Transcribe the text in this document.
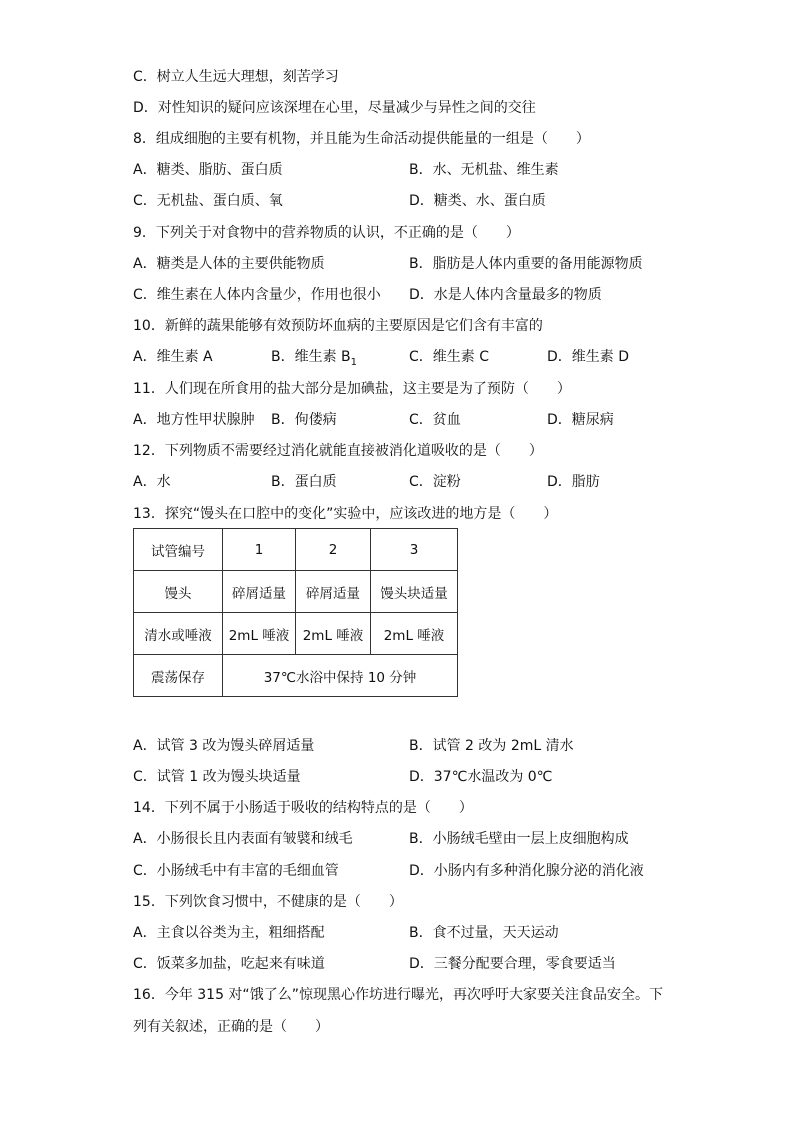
C．树立人生远大理想，刻苦学习
D．对性知识的疑问应该深埋在心里，尽量减少与异性之间的交往
8．组成细胞的主要有机物，并且能为生命活动提供能量的一组是（　　）
A．糖类、脂肪、蛋白质	B．水、无机盐、维生素
C．无机盐、蛋白质、氧	D．糖类、水、蛋白质
9．下列关于对食物中的营养物质的认识，不正确的是（　　）
A．糖类是人体的主要供能物质	B．脂肪是人体内重要的备用能源物质
C．维生素在人体内含量少，作用也很小 D．水是人体内含量最多的物质
10．新鲜的蔬果能够有效预防坏血病的主要原因是它们含有丰富的
A．维生素 A	B．维生素 $B_1$	C．维生素 C	D．维生素 D
11．人们现在所食用的盐大部分是加碘盐，这主要是为了预防（　　）
A．地方性甲状腺肿 B．佝偻病	C．贫血	D．糖尿病
12．下列物质不需要经过消化就能直接被消化道吸收的是（　　）
A．水	B．蛋白质	C．淀粉	D．脂肪
13．探究“馒头在口腔中的变化”实验中，应该改进的地方是（　　）
试管编号	1	2	3
馒头	碎屑适量	碎屑适量	馒头块适量
清水或唾液	2mL 唾液	2mL 唾液	2mL 唾液
震荡保存	37℃水浴中保持 10 分钟		
A．试管 3 改为馒头碎屑适量	B．试管 2 改为 2mL 清水
C．试管 1 改为馒头块适量	D．37℃水温改为 0℃
14．下列不属于小肠适于吸收的结构特点的是（　　）
A．小肠很长且内表面有皱襞和绒毛	B．小肠绒毛壁由一层上皮细胞构成
C．小肠绒毛中有丰富的毛细血管	D．小肠内有多种消化腺分泌的消化液
15．下列饮食习惯中，不健康的是（　　）
A．主食以谷类为主，粗细搭配	B．食不过量，天天运动
C．饭菜多加盐，吃起来有味道	D．三餐分配要合理，零食要适当
16．今年 315 对“饿了么”惊现黑心作坊进行曝光，再次呼吁大家要关注食品安全。下
列有关叙述，正确的是（　　）
